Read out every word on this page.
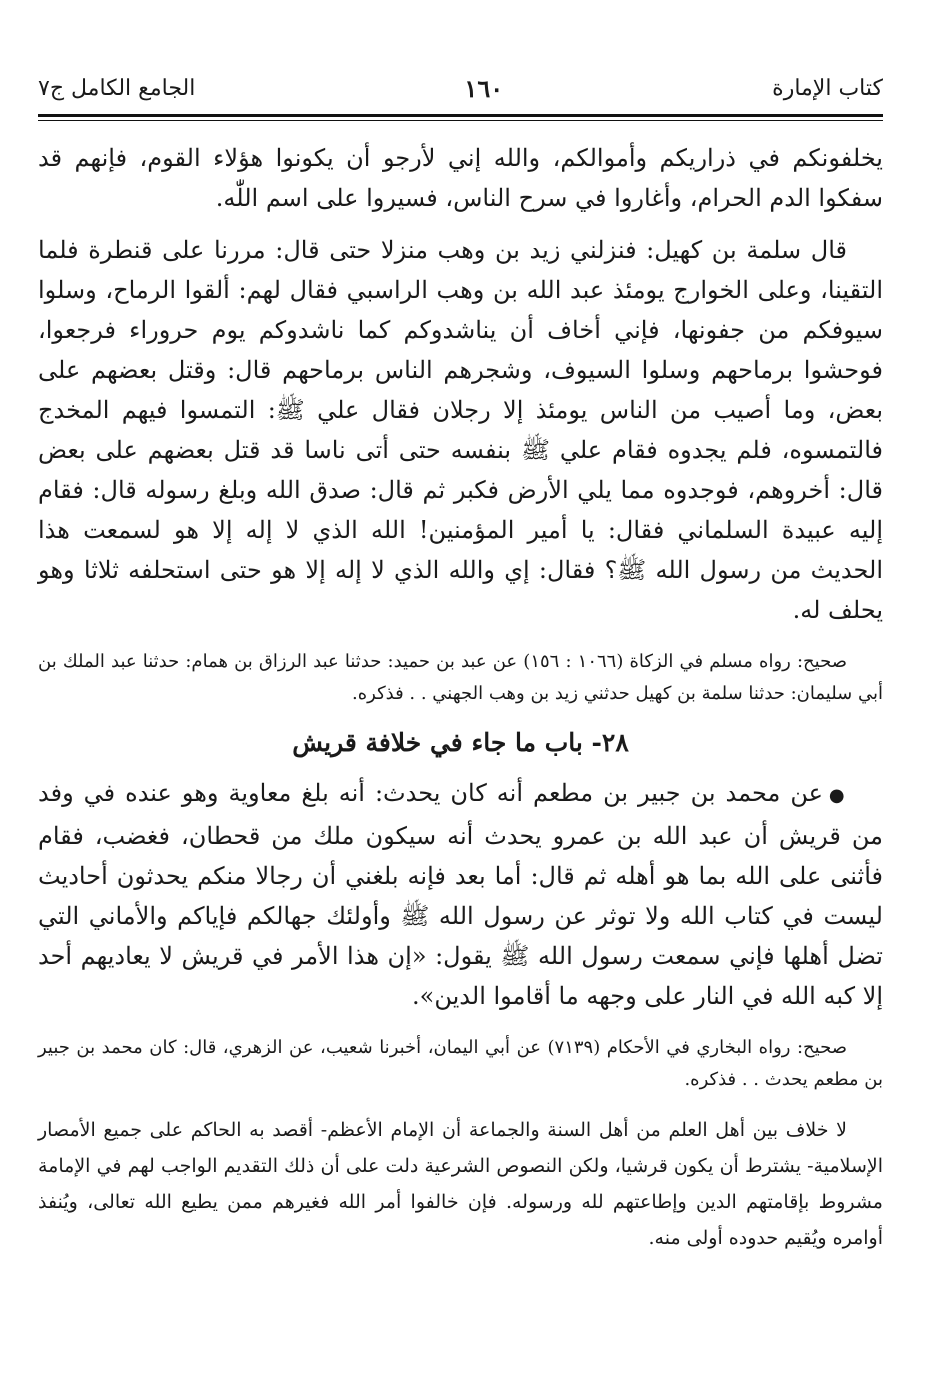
كتاب الإمارة
١٦٠
الجامع الكامل ج٧

يخلفونكم في ذراريكم وأموالكم، والله إني لأرجو أن يكونوا هؤلاء القوم، فإنهم قد سفكوا الدم الحرام، وأغاروا في سرح الناس، فسيروا على اسم اللّٰه.

قال سلمة بن كهيل: فنزلني زيد بن وهب منزلا حتى قال: مررنا على قنطرة فلما التقينا، وعلى الخوارج يومئذ عبد الله بن وهب الراسبي فقال لهم: ألقوا الرماح، وسلوا سيوفكم من جفونها، فإني أخاف أن يناشدوكم كما ناشدوكم يوم حروراء فرجعوا، فوحشوا برماحهم وسلوا السيوف، وشجرهم الناس برماحهم قال: وقتل بعضهم على بعض، وما أصيب من الناس يومئذ إلا رجلان فقال علي ﷺ: التمسوا فيهم المخدج فالتمسوه، فلم يجدوه فقام علي ﷺ بنفسه حتى أتى ناسا قد قتل بعضهم على بعض قال: أخروهم، فوجدوه مما يلي الأرض فكبر ثم قال: صدق الله وبلغ رسوله قال: فقام إليه عبيدة السلماني فقال: يا أمير المؤمنين! الله الذي لا إله إلا هو لسمعت هذا الحديث من رسول الله ﷺ؟ فقال: إي والله الذي لا إله إلا هو حتى استحلفه ثلاثا وهو يحلف له.

صحيح: رواه مسلم في الزكاة (١٠٦٦ : ١٥٦) عن عبد بن حميد: حدثنا عبد الرزاق بن همام: حدثنا عبد الملك بن أبي سليمان: حدثنا سلمة بن كهيل حدثني زيد بن وهب الجهني . . فذكره.

٢٨- باب ما جاء في خلافة قريش

●عن محمد بن جبير بن مطعم أنه كان يحدث: أنه بلغ معاوية وهو عنده في وفد من قريش أن عبد الله بن عمرو يحدث أنه سيكون ملك من قحطان، فغضب، فقام فأثنى على الله بما هو أهله ثم قال: أما بعد فإنه بلغني أن رجالا منكم يحدثون أحاديث ليست في كتاب الله ولا توثر عن رسول الله ﷺ وأولئك جهالكم فإياكم والأماني التي تضل أهلها فإني سمعت رسول الله ﷺ يقول: «إن هذا الأمر في قريش لا يعاديهم أحد إلا كبه الله في النار على وجهه ما أقاموا الدين».

صحيح: رواه البخاري في الأحكام (٧١٣٩) عن أبي اليمان، أخبرنا شعيب، عن الزهري، قال: كان محمد بن جبير بن مطعم يحدث . . فذكره.

لا خلاف بين أهل العلم من أهل السنة والجماعة أن الإمام الأعظم- أقصد به الحاكم على جميع الأمصار الإسلامية- يشترط أن يكون قرشيا، ولكن النصوص الشرعية دلت على أن ذلك التقديم الواجب لهم في الإمامة مشروط بإقامتهم الدين وإطاعتهم لله ورسوله. فإن خالفوا أمر الله فغيرهم ممن يطيع الله تعالى، ويُنفذ أوامره ويُقيم حدوده أولى منه.
